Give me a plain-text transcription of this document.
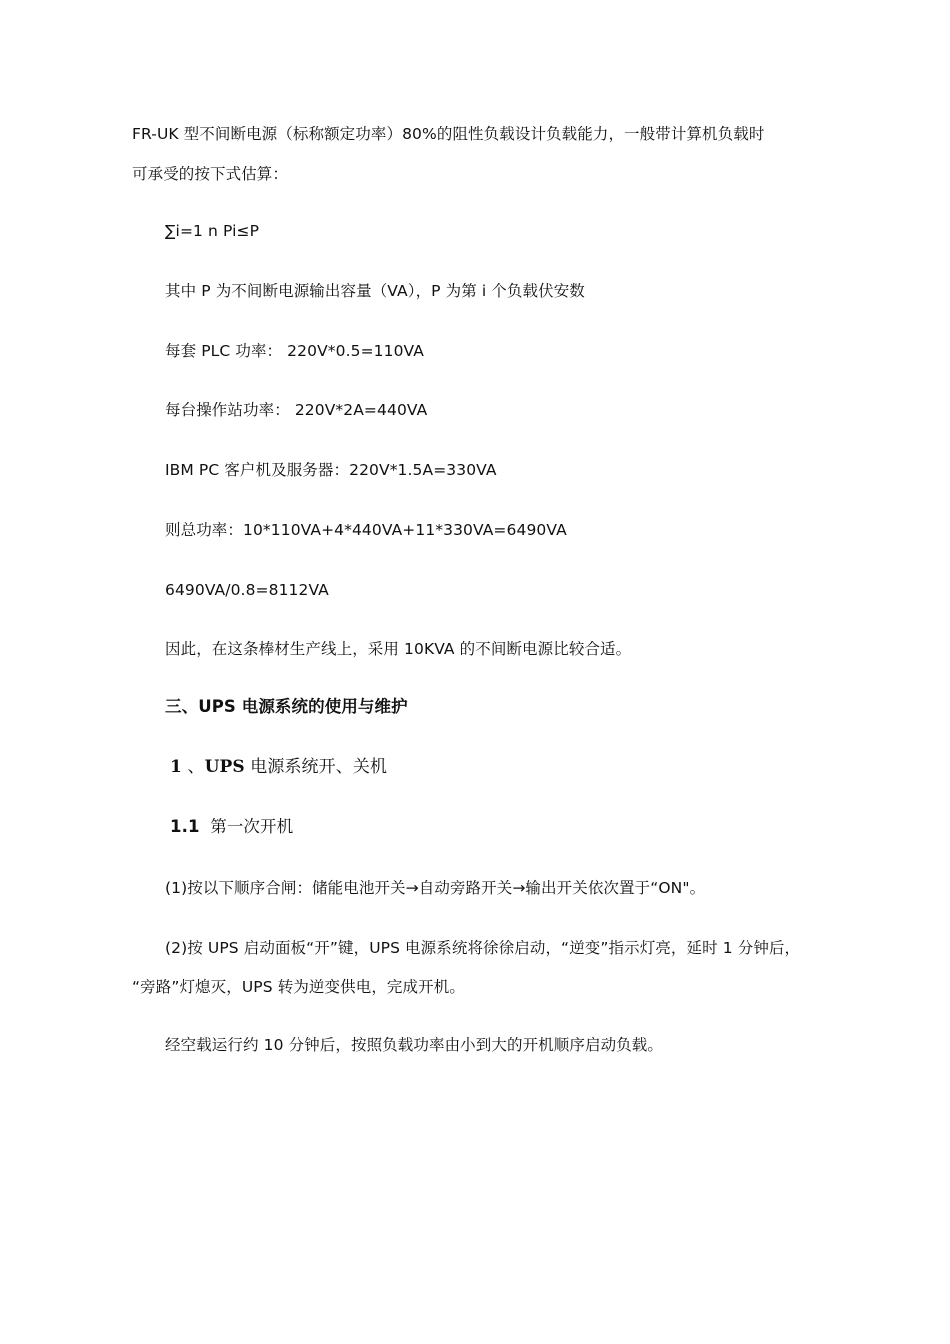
FR-UK 型不间断电源（标称额定功率）80%的阻性负载设计负载能力，一般带计算机负载时
可承受的按下式估算：
∑i=1 n Pi≤P
其中 P 为不间断电源输出容量（VA），P 为第 i 个负载伏安数
每套 PLC 功率： 220V*0.5=110VA
每台操作站功率： 220V*2A=440VA
IBM PC 客户机及服务器：220V*1.5A=330VA
则总功率：10*110VA+4*440VA+11*330VA=6490VA
6490VA/0.8=8112VA
因此，在这条棒材生产线上，采用 10KVA 的不间断电源比较合适。
三、UPS 电源系统的使用与维护
1 、UPS 电源系统开、关机
1.1 第一次开机
(1)按以下顺序合闸：储能电池开关→自动旁路开关→输出开关依次置于“ON"。
(2)按 UPS 启动面板“开”键，UPS 电源系统将徐徐启动，“逆变”指示灯亮，延时 1 分钟后，
“旁路”灯熄灭，UPS 转为逆变供电，完成开机。
经空载运行约 10 分钟后，按照负载功率由小到大的开机顺序启动负载。
